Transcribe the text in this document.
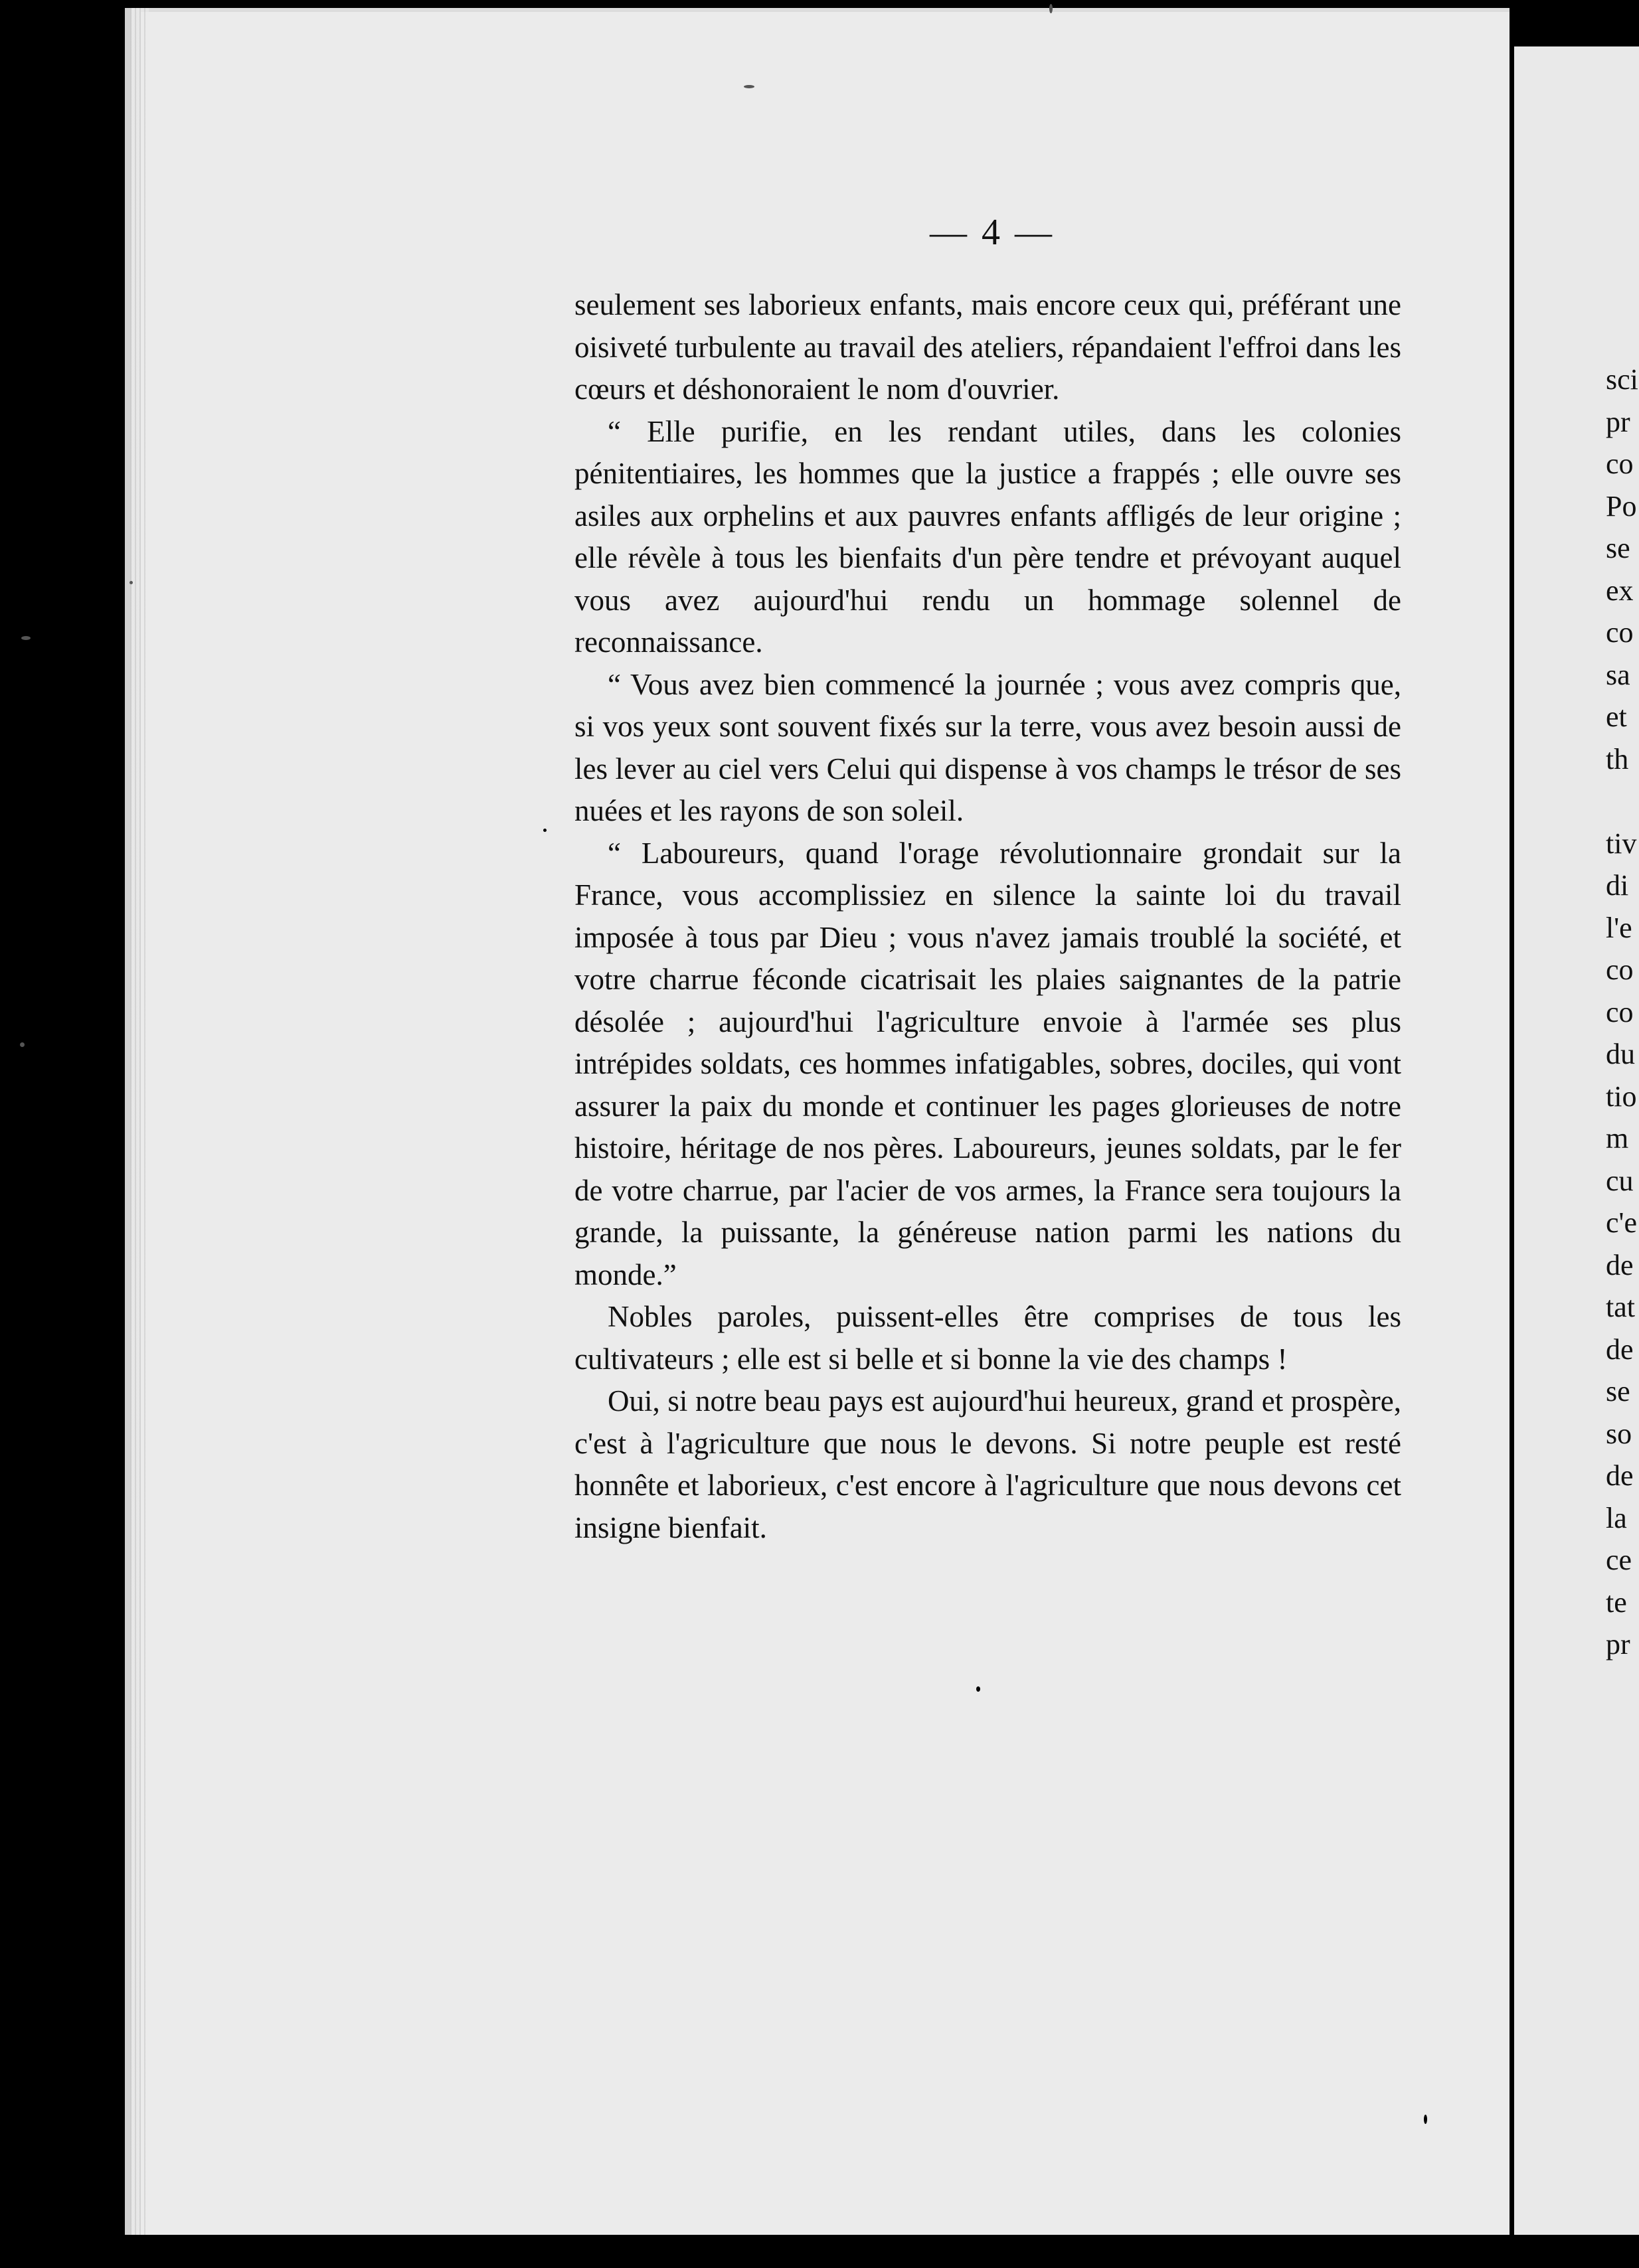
sci
pr
co
Po
se
ex
co
sa
et
th

tiv
di
l'e
co
co
du
tio
m
cu
c'e
de
tat
de
se
so
de
la
ce
te
pr
— 4 —

seulement ses laborieux enfants, mais encore ceux qui, préférant une oisiveté turbulente au travail des ateliers, répandaient l'effroi dans les cœurs et déshonoraient le nom d'ouvrier.

“ Elle purifie, en les rendant utiles, dans les colonies pénitentiaires, les hommes que la justice a frappés ; elle ouvre ses asiles aux orphelins et aux pauvres enfants affligés de leur origine ; elle révèle à tous les bienfaits d'un père tendre et prévoyant auquel vous avez aujourd'hui rendu un hommage solennel de reconnaissance.

“ Vous avez bien commencé la journée ; vous avez compris que, si vos yeux sont souvent fixés sur la terre, vous avez besoin aussi de les lever au ciel vers Celui qui dispense à vos champs le trésor de ses nuées et les rayons de son soleil.

“ Laboureurs, quand l'orage révolutionnaire grondait sur la France, vous accomplissiez en silence la sainte loi du travail imposée à tous par Dieu ; vous n'avez jamais troublé la société, et votre charrue féconde cicatrisait les plaies saignantes de la patrie désolée ; aujourd'hui l'agriculture envoie à l'armée ses plus intrépides soldats, ces hommes infatigables, sobres, dociles, qui vont assurer la paix du monde et continuer les pages glorieuses de notre histoire, héritage de nos pères. Laboureurs, jeunes soldats, par le fer de votre charrue, par l'acier de vos armes, la France sera toujours la grande, la puissante, la généreuse nation parmi les nations du monde.”

Nobles paroles, puissent-elles être comprises de tous les cultivateurs ; elle est si belle et si bonne la vie des champs !

Oui, si notre beau pays est aujourd'hui heureux, grand et prospère, c'est à l'agriculture que nous le devons. Si notre peuple est resté honnête et laborieux, c'est encore à l'agriculture que nous devons cet insigne bienfait.
